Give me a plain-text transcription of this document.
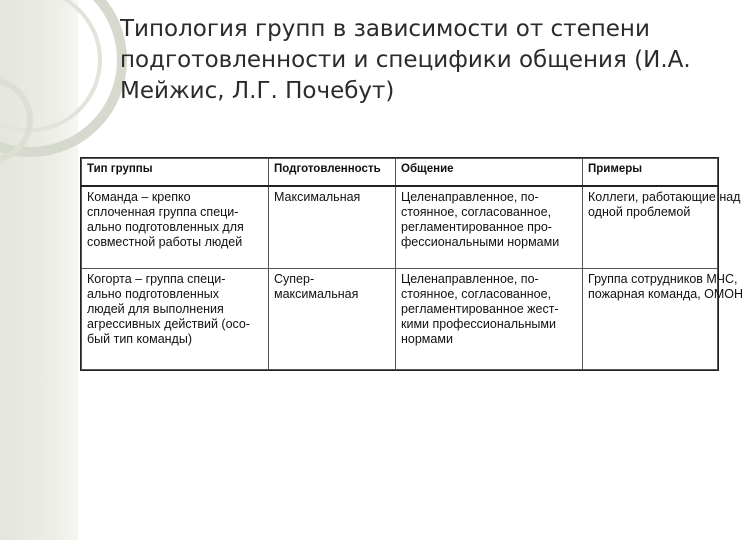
Типология групп в зависимости от степени
подготовленности и специфики общения (И.А.
Мейжис, Л.Г. Почебут)
Тип группы	Подготовленность	Общение	Примеры

Команда – крепко
сплоченная группа специ-
ально подготовленных для
совместной работы людей	Максимальная	Целенаправленное, по-
стоянное, согласованное,
регламентированное про-
фессиональными нормами	Коллеги, работающие над
одной проблемой

Когорта – группа специ-
ально подготовленных
людей для выполнения
агрессивных действий (осо-
бый тип команды)	Супер-
максимальная	Целенаправленное, по-
стоянное, согласованное,
регламентированное жест-
кими профессиональными
нормами	Группа сотрудников МЧС,
пожарная команда, ОМОН
